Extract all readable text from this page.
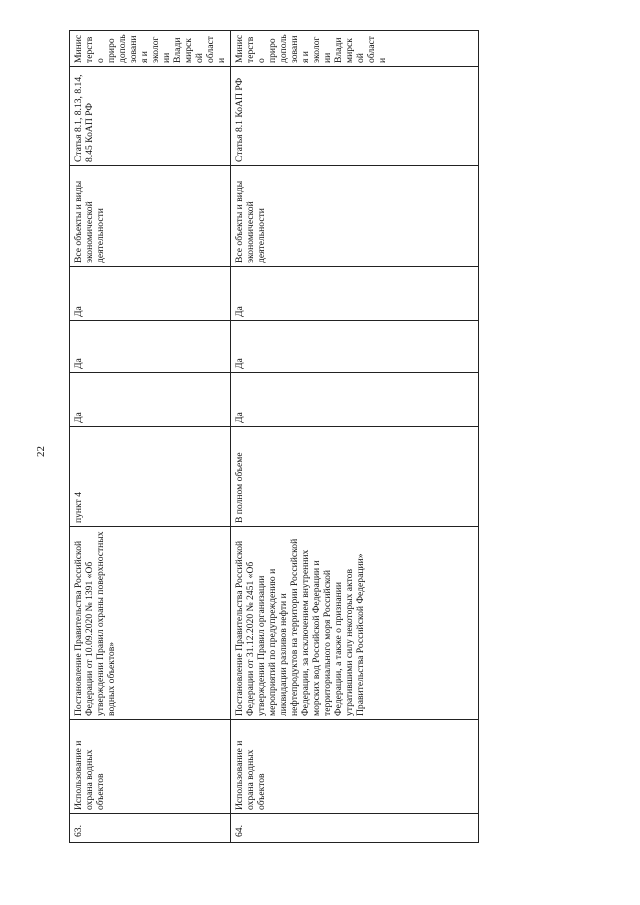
22
63.	Использование и охрана водных объектов	Постановление Правительства Российской Федерации от 10.09.2020 № 1391 «Об утверждении Правил охраны поверхностных водных объектов»	пункт 4	Да	Да	Да	Все объекты и виды экономической деятельности	Статья 8.1, 8.13, 8.14, 8.45 КоАП РФ	Министерство природопользования и экологии Владимирской области
64.	Использование и охрана водных объектов	Постановление Правительства Российской Федерации от 31.12.2020 № 2451 «Об утверждении Правил организации мероприятий по предупреждению и ликвидации разливов нефти и нефтепродуктов на территории Российской Федерации, за исключением внутренних морских вод Российской Федерации и территориального моря Российской Федерации, а также о признании утратившими силу некоторых актов Правительства Российской Федерации»	В полном объеме	Да	Да	Да	Все объекты и виды экономической деятельности	Статья 8.1 КоАП РФ	Министерство природопользования и экологии Владимирской области
